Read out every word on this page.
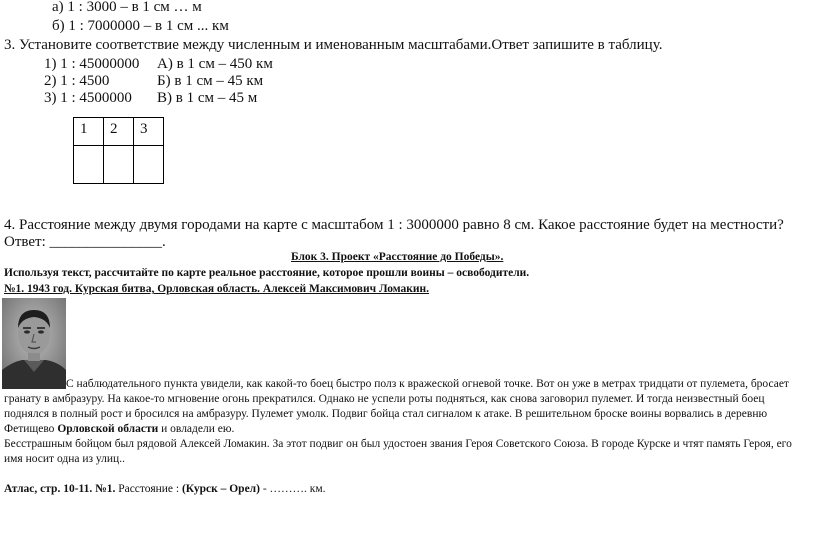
а) 1 : 3000 – в 1 см … м
б) 1 : 7000000 – в 1 см ... км
3. Установите соответствие между численным и именованным масштабами.Ответ запишите в таблицу.
1) 1 : 45000000 А) в 1 см – 450 км
2) 1 : 4500	Б) в 1 см – 45 км
3) 1 : 4500000 В) в 1 см – 45 м
1	2	3

4. Расстояние между двумя городами на карте с масштабом 1 : 3000000 равно 8 см. Какое расстояние будет на местности?
Ответ: _______________.
Блок 3. Проект «Расстояние до Победы».
Используя текст, рассчитайте по карте реальное расстояние, которое прошли воины – освободители.
№1. 1943 год. Курская битва, Орловская область. Алексей Максимович Ломакин.
С наблюдательного пункта увидели, как какой-то боец быстро полз к вражеской огневой точке. Вот он уже в метрах тридцати от пулемета, бросает
гранату в амбразуру. На какое-то мгновение огонь прекратился. Однако не успели роты подняться, как снова заговорил пулемет. И тогда неизвестный боец
поднялся в полный рост и бросился на амбразуру. Пулемет умолк. Подвиг бойца стал сигналом к атаке. В решительном броске воины ворвались в деревню
Фетищево Орловской области и овладели ею.
Бесстрашным бойцом был рядовой Алексей Ломакин. За этот подвиг он был удостоен звания Героя Советского Союза. В городе Курске и чтят память Героя, его
имя носит одна из улиц..
Атлас, стр. 10-11. №1. Расстояние : (Курск – Орел) - ………. км.
